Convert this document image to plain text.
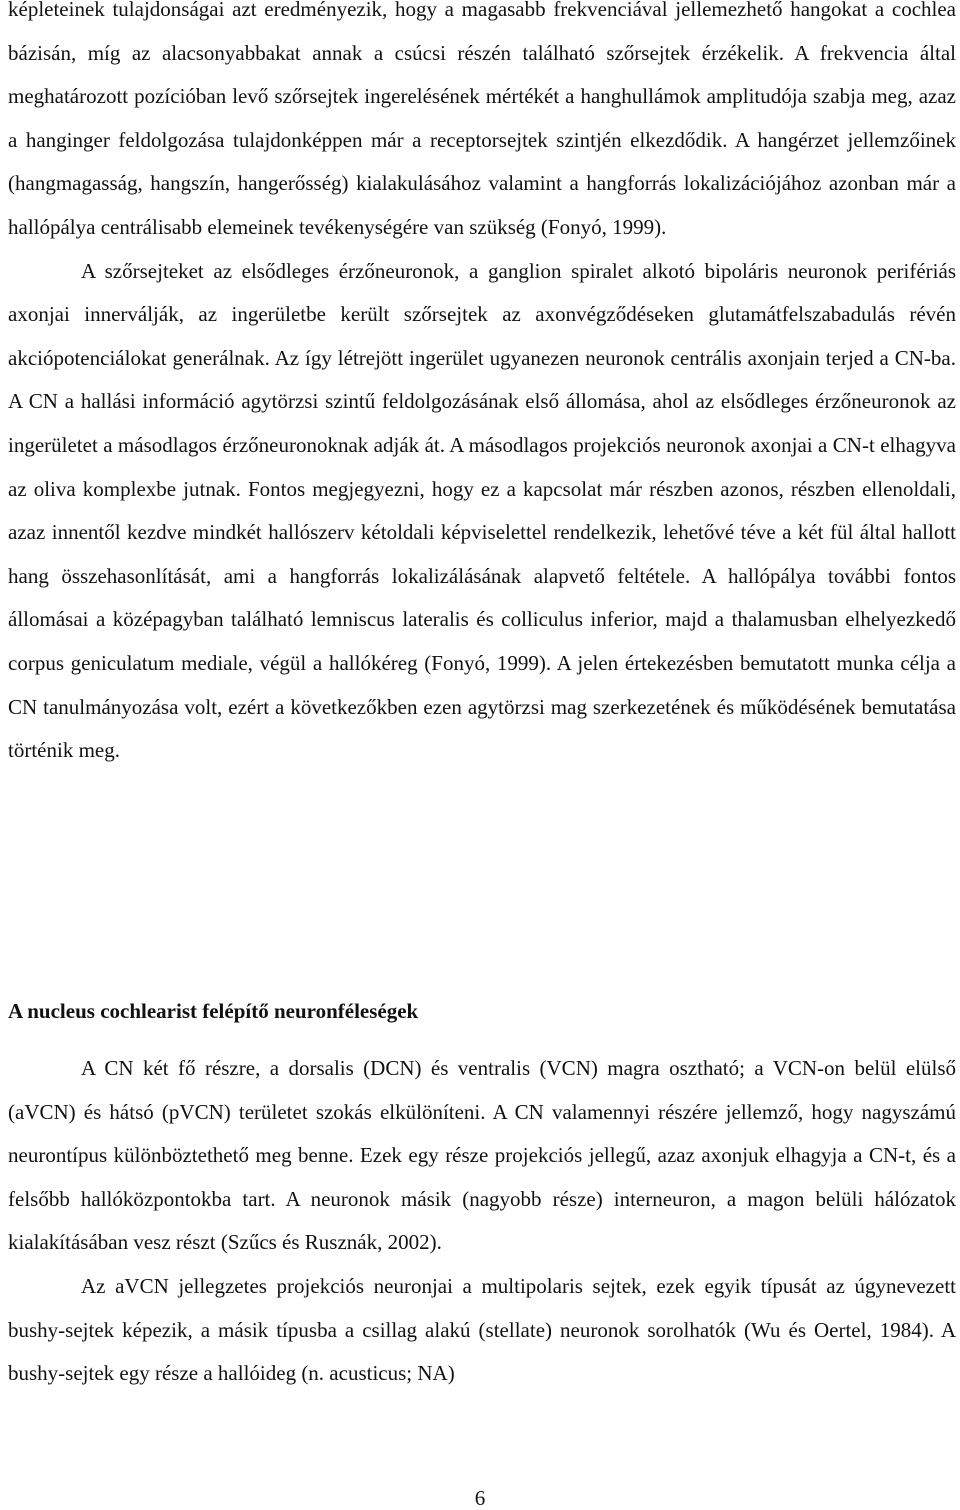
képleteinek tulajdonságai azt eredményezik, hogy a magasabb frekvenciával jellemezhető hangokat a cochlea bázisán, míg az alacsonyabbakat annak a csúcsi részén található szőrsejtek érzékelik. A frekvencia által meghatározott pozícióban levő szőrsejtek ingerelésének mértékét a hanghullámok amplitudója szabja meg, azaz a hanginger feldolgozása tulajdonképpen már a receptorsejtek szintjén elkezdődik. A hangérzet jellemzőinek (hangmagasság, hangszín, hangerősség) kialakulásához valamint a hangforrás lokalizációjához azonban már a hallópálya centrálisabb elemeinek tevékenységére van szükség (Fonyó, 1999).

A szőrsejteket az elsődleges érzőneuronok, a ganglion spiralet alkotó bipoláris neuronok perifériás axonjai innerválják, az ingerületbe került szőrsejtek az axonvégződéseken glutamátfelszabadulás révén akciópotenciálokat generálnak. Az így létrejött ingerület ugyanezen neuronok centrális axonjain terjed a CN-ba. A CN a hallási információ agytörzsi szintű feldolgozásának első állomása, ahol az elsődleges érzőneuronok az ingerületet a másodlagos érzőneuronoknak adják át. A másodlagos projekciós neuronok axonjai a CN-t elhagyva az oliva komplexbe jutnak. Fontos megjegyezni, hogy ez a kapcsolat már részben azonos, részben ellenoldali, azaz innentől kezdve mindkét hallószerv kétoldali képviselettel rendelkezik, lehetővé téve a két fül által hallott hang összehasonlítását, ami a hangforrás lokalizálásának alapvető feltétele. A hallópálya további fontos állomásai a középagyban található lemniscus lateralis és colliculus inferior, majd a thalamusban elhelyezkedő corpus geniculatum mediale, végül a hallókéreg (Fonyó, 1999). A jelen értekezésben bemutatott munka célja a CN tanulmányozása volt, ezért a következőkben ezen agytörzsi mag szerkezetének és működésének bemutatása történik meg.

A nucleus cochlearist felépítő neuronféleségek

A CN két fő részre, a dorsalis (DCN) és ventralis (VCN) magra osztható; a VCN-on belül elülső (aVCN) és hátsó (pVCN) területet szokás elkülöníteni. A CN valamennyi részére jellemző, hogy nagyszámú neurontípus különböztethető meg benne. Ezek egy része projekciós jellegű, azaz axonjuk elhagyja a CN-t, és a felsőbb hallóközpontokba tart. A neuronok másik (nagyobb része) interneuron, a magon belüli hálózatok kialakításában vesz részt (Szűcs és Rusznák, 2002).

Az aVCN jellegzetes projekciós neuronjai a multipolaris sejtek, ezek egyik típusát az úgynevezett bushy-sejtek képezik, a másik típusba a csillag alakú (stellate) neuronok sorolhatók (Wu és Oertel, 1984). A bushy-sejtek egy része a hallóideg (n. acusticus; NA)

6
